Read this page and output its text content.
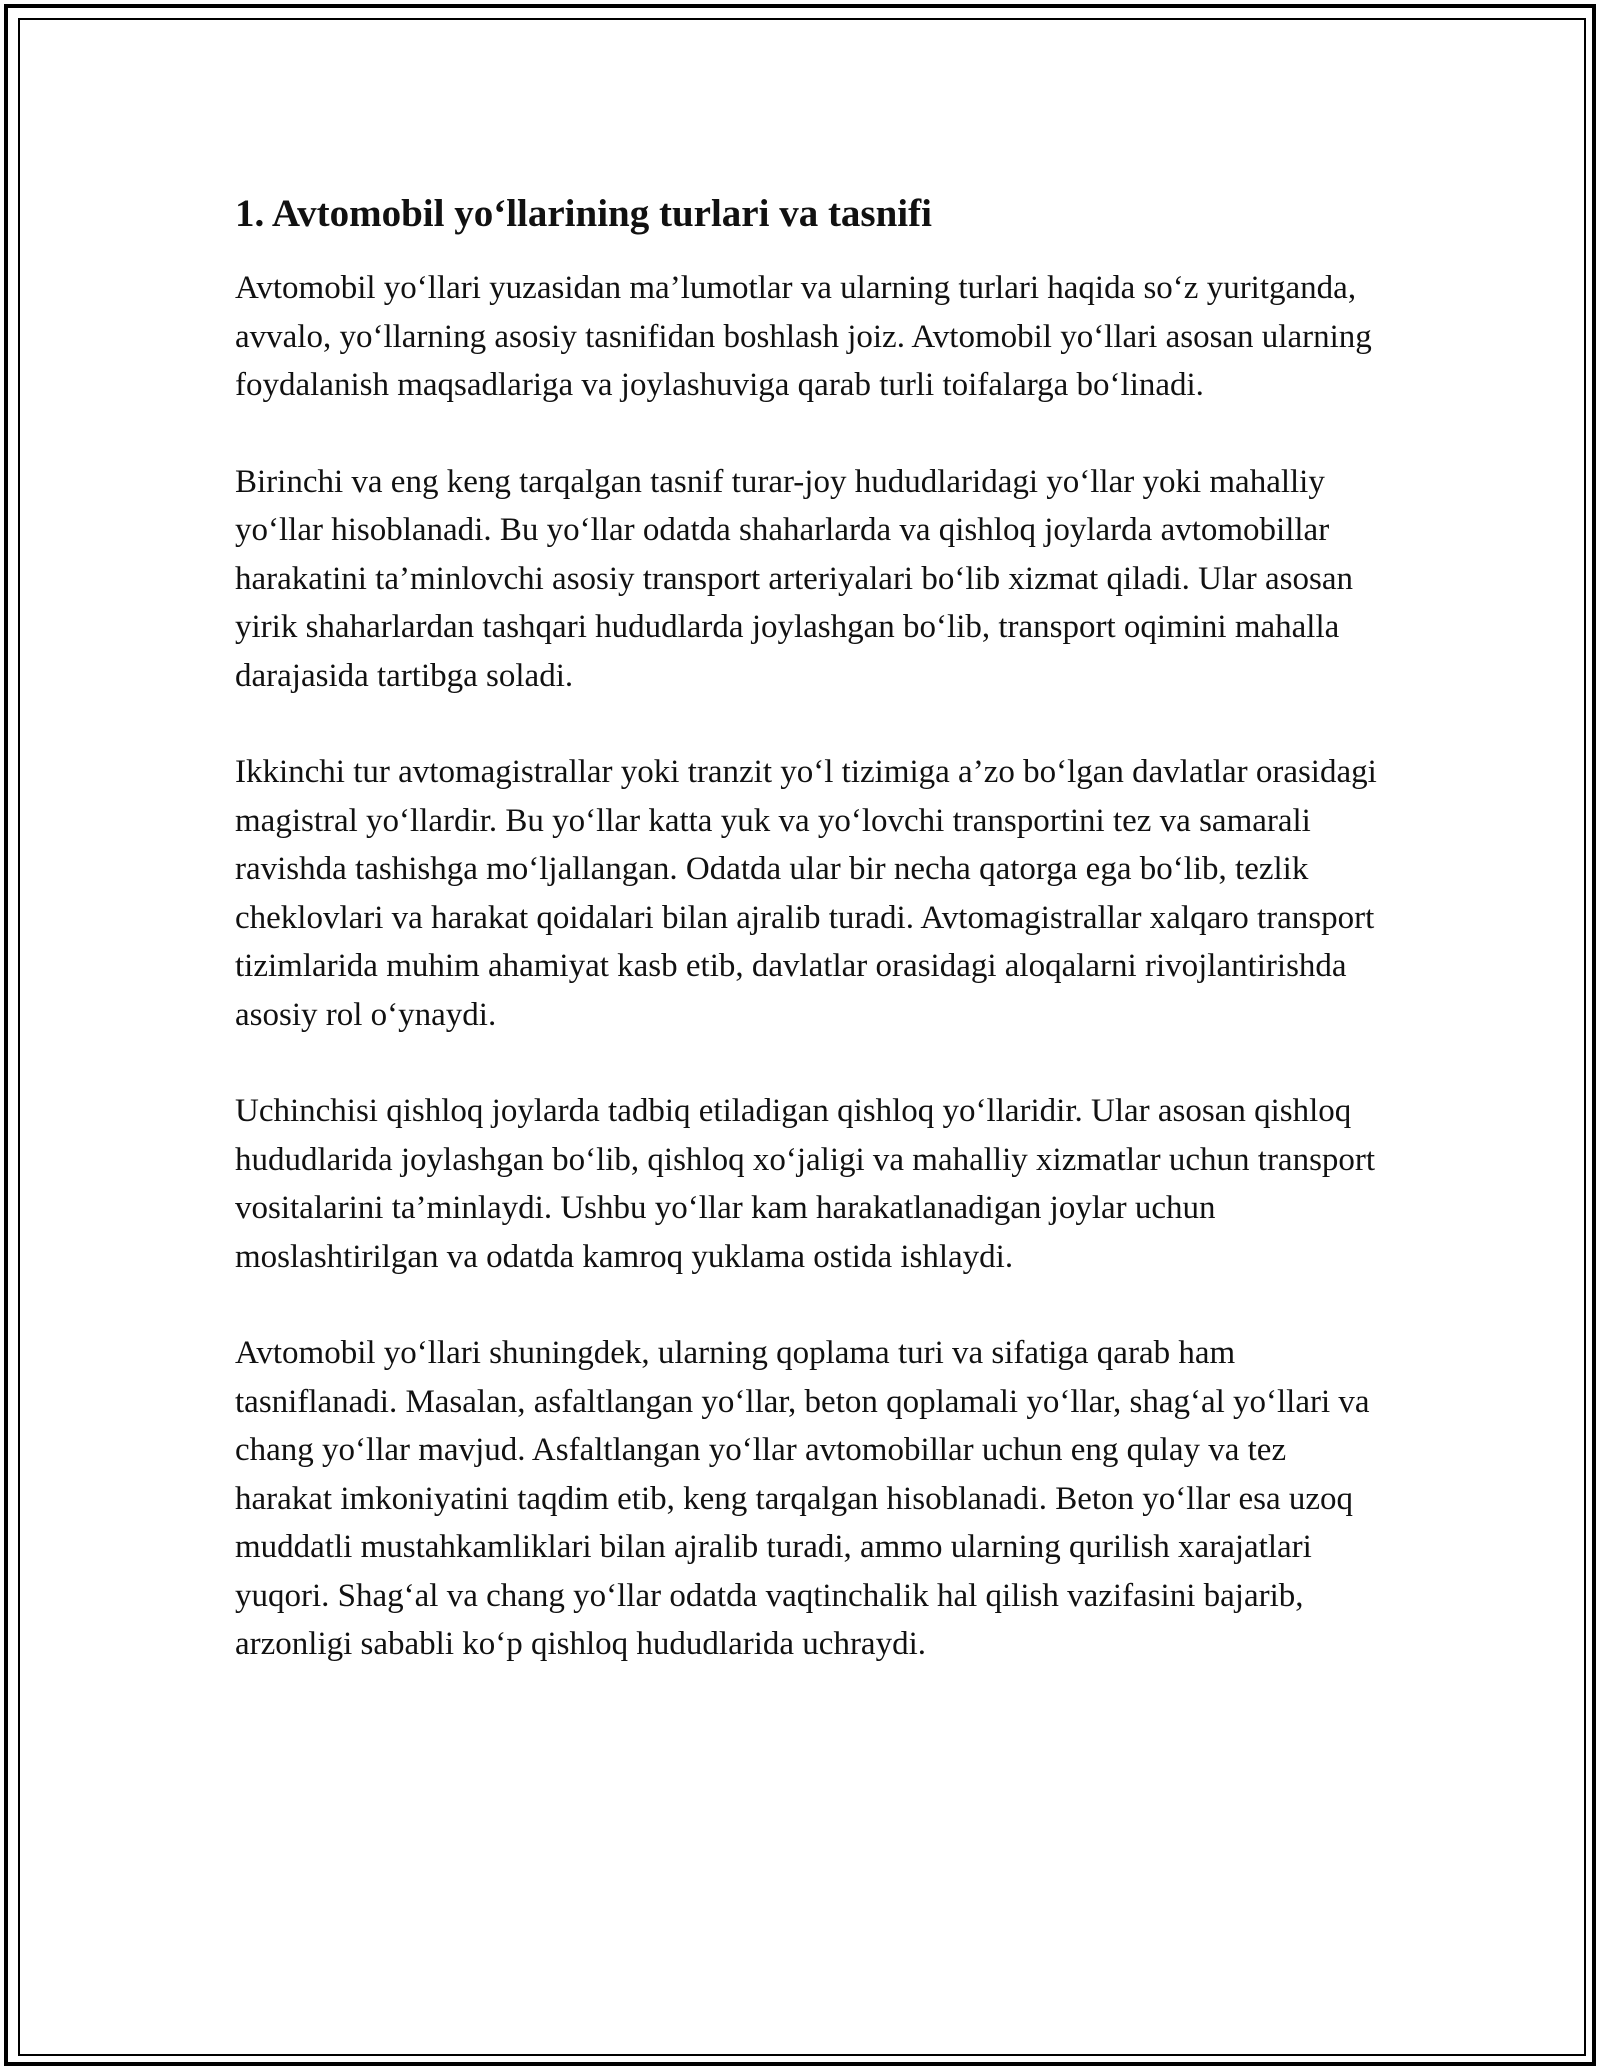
1. Avtomobil yo‘llarining turlari va tasnifi

Avtomobil yo‘llari yuzasidan ma’lumotlar va ularning turlari haqida so‘z yuritganda, avvalo, yo‘llarning asosiy tasnifidan boshlash joiz. Avtomobil yo‘llari asosan ularning foydalanish maqsadlariga va joylashuviga qarab turli toifalarga bo‘linadi.

Birinchi va eng keng tarqalgan tasnif turar-joy hududlaridagi yo‘llar yoki mahalliy yo‘llar hisoblanadi. Bu yo‘llar odatda shaharlarda va qishloq joylarda avtomobillar harakatini ta’minlovchi asosiy transport arteriyalari bo‘lib xizmat qiladi. Ular asosan yirik shaharlardan tashqari hududlarda joylashgan bo‘lib, transport oqimini mahalla darajasida tartibga soladi.

Ikkinchi tur avtomagistrallar yoki tranzit yo‘l tizimiga a’zo bo‘lgan davlatlar orasidagi magistral yo‘llardir. Bu yo‘llar katta yuk va yo‘lovchi transportini tez va samarali ravishda tashishga mo‘ljallangan. Odatda ular bir necha qatorga ega bo‘lib, tezlik cheklovlari va harakat qoidalari bilan ajralib turadi. Avtomagistrallar xalqaro transport tizimlarida muhim ahamiyat kasb etib, davlatlar orasidagi aloqalarni rivojlantirishda asosiy rol o‘ynaydi.

Uchinchisi qishloq joylarda tadbiq etiladigan qishloq yo‘llaridir. Ular asosan qishloq hududlarida joylashgan bo‘lib, qishloq xo‘jaligi va mahalliy xizmatlar uchun transport vositalarini ta’minlaydi. Ushbu yo‘llar kam harakatlanadigan joylar uchun moslashtirilgan va odatda kamroq yuklama ostida ishlaydi.

Avtomobil yo‘llari shuningdek, ularning qoplama turi va sifatiga qarab ham tasniflanadi. Masalan, asfaltlangan yo‘llar, beton qoplamali yo‘llar, shag‘al yo‘llari va chang yo‘llar mavjud. Asfaltlangan yo‘llar avtomobillar uchun eng qulay va tez harakat imkoniyatini taqdim etib, keng tarqalgan hisoblanadi. Beton yo‘llar esa uzoq muddatli mustahkamliklari bilan ajralib turadi, ammo ularning qurilish xarajatlari yuqori. Shag‘al va chang yo‘llar odatda vaqtinchalik hal qilish vazifasini bajarib, arzonligi sababli ko‘p qishloq hududlarida uchraydi.
